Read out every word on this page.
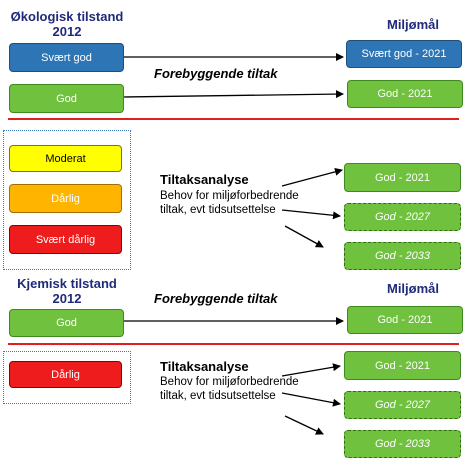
Økologisk tilstand
2012	Miljømål
Svært god
God
Svært god - 2021
God - 2021
Forebyggende tiltak
Moderat
Dårlig
Svært dårlig
Tiltaksanalyse
Behov for miljøforbedrende
tiltak, evt tidsutsettelse
God - 2021
God - 2027
God - 2033
Kjemisk tilstand
2012
Miljømål
Forebyggende tiltak
God	God - 2021
Dårlig
Tiltaksanalyse
Behov for miljøforbedrende
tiltak, evt tidsutsettelse
God - 2021
God - 2027
God - 2033
